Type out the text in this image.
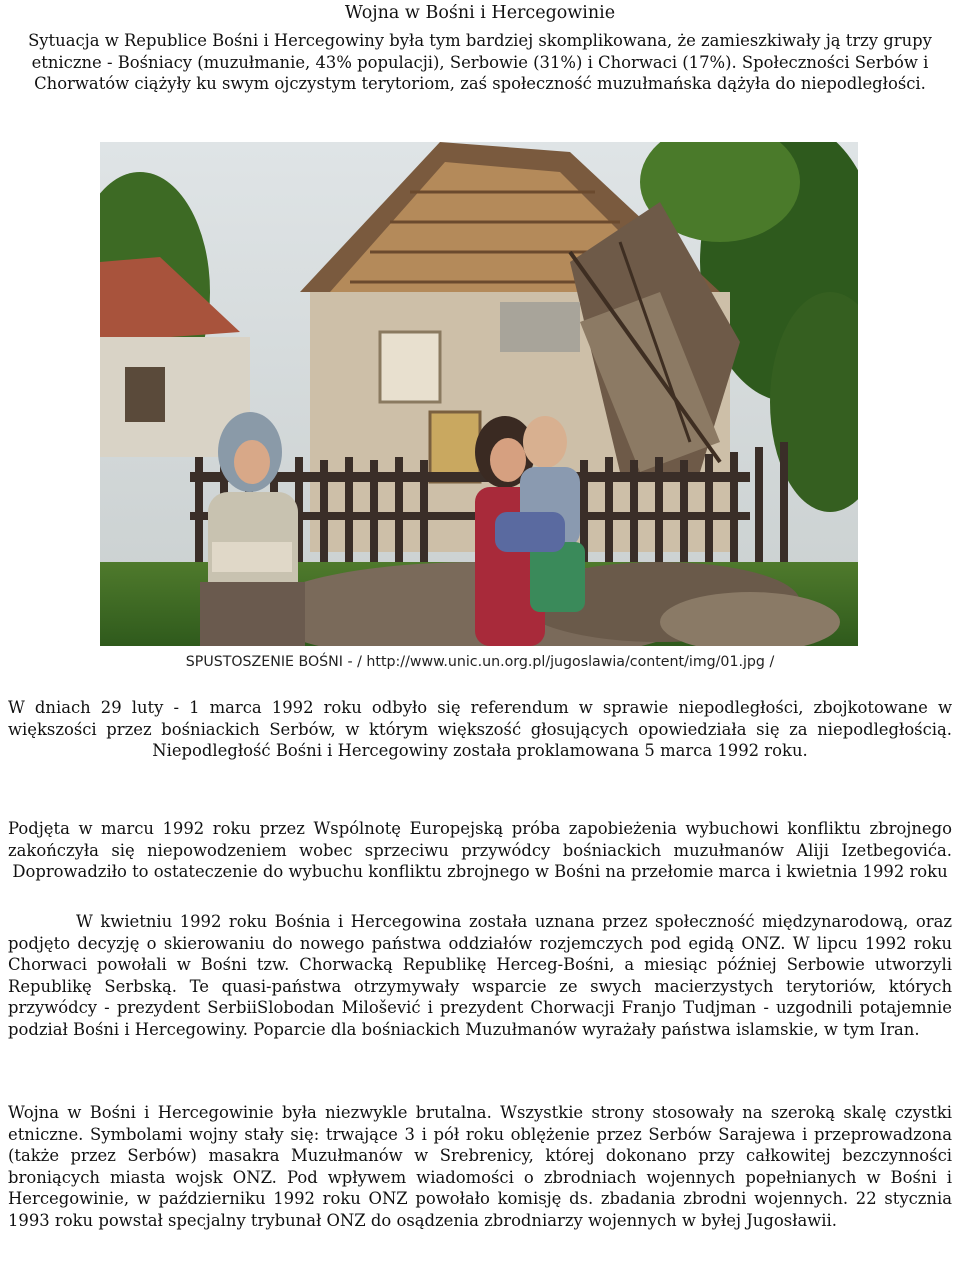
Wojna w Bośni i Hercegowinie

Sytuacja w Republice Bośni i Hercegowiny była tym bardziej skomplikowana, że zamieszkiwały ją trzy grupy etniczne - Bośniacy (muzułmanie, 43% populacji), Serbowie (31%) i Chorwaci (17%). Społeczności Serbów i Chorwatów ciążyły ku swym ojczystym terytoriom, zaś społeczność muzułmańska dążyła do niepodległości.

SPUSTOSZENIE BOŚNI - / http://www.unic.un.org.pl/jugoslawia/content/img/01.jpg /

W dniach 29 luty - 1 marca 1992 roku odbyło się referendum w sprawie niepodległości, zbojkotowane w większości przez bośniackich Serbów, w którym większość głosujących opowiedziała się za niepodległością. Niepodległość Bośni i Hercegowiny została proklamowana 5 marca 1992 roku.

Podjęta w marcu 1992 roku przez Wspólnotę Europejską próba zapobieżenia wybuchowi konfliktu zbrojnego zakończyła się niepowodzeniem wobec sprzeciwu przywódcy bośniackich muzułmanów Aliji Izetbegovića. Doprowadziło to ostateczenie do wybuchu konfliktu zbrojnego w Bośni na przełomie marca i kwietnia 1992 roku

W kwietniu 1992 roku Bośnia i Hercegowina została uznana przez społeczność międzynarodową, oraz podjęto decyzję o skierowaniu do nowego państwa oddziałów rozjemczych pod egidą ONZ. W lipcu 1992 roku Chorwaci powołali w Bośni tzw. Chorwacką Republikę Herceg-Bośni, a miesiąc później Serbowie utworzyli Republikę Serbską. Te quasi-państwa otrzymywały wsparcie ze swych macierzystych terytoriów, których przywódcy - prezydent SerbiiSlobodan Milošević i prezydent Chorwacji Franjo Tudjman - uzgodnili potajemnie podział Bośni i Hercegowiny. Poparcie dla bośniackich Muzułmanów wyrażały państwa islamskie, w tym Iran.

Wojna w Bośni i Hercegowinie była niezwykle brutalna. Wszystkie strony stosowały na szeroką skalę czystki etniczne. Symbolami wojny stały się: trwające 3 i pół roku oblężenie przez Serbów Sarajewa i przeprowadzona (także przez Serbów) masakra Muzułmanów w Srebrenicy, której dokonano przy całkowitej bezczynności broniących miasta wojsk ONZ. Pod wpływem wiadomości o zbrodniach wojennych popełnianych w Bośni i Hercegowinie, w październiku 1992 roku ONZ powołało komisję ds. zbadania zbrodni wojennych. 22 stycznia 1993 roku powstał specjalny trybunał ONZ do osądzenia zbrodniarzy wojennych w byłej Jugosławii.
